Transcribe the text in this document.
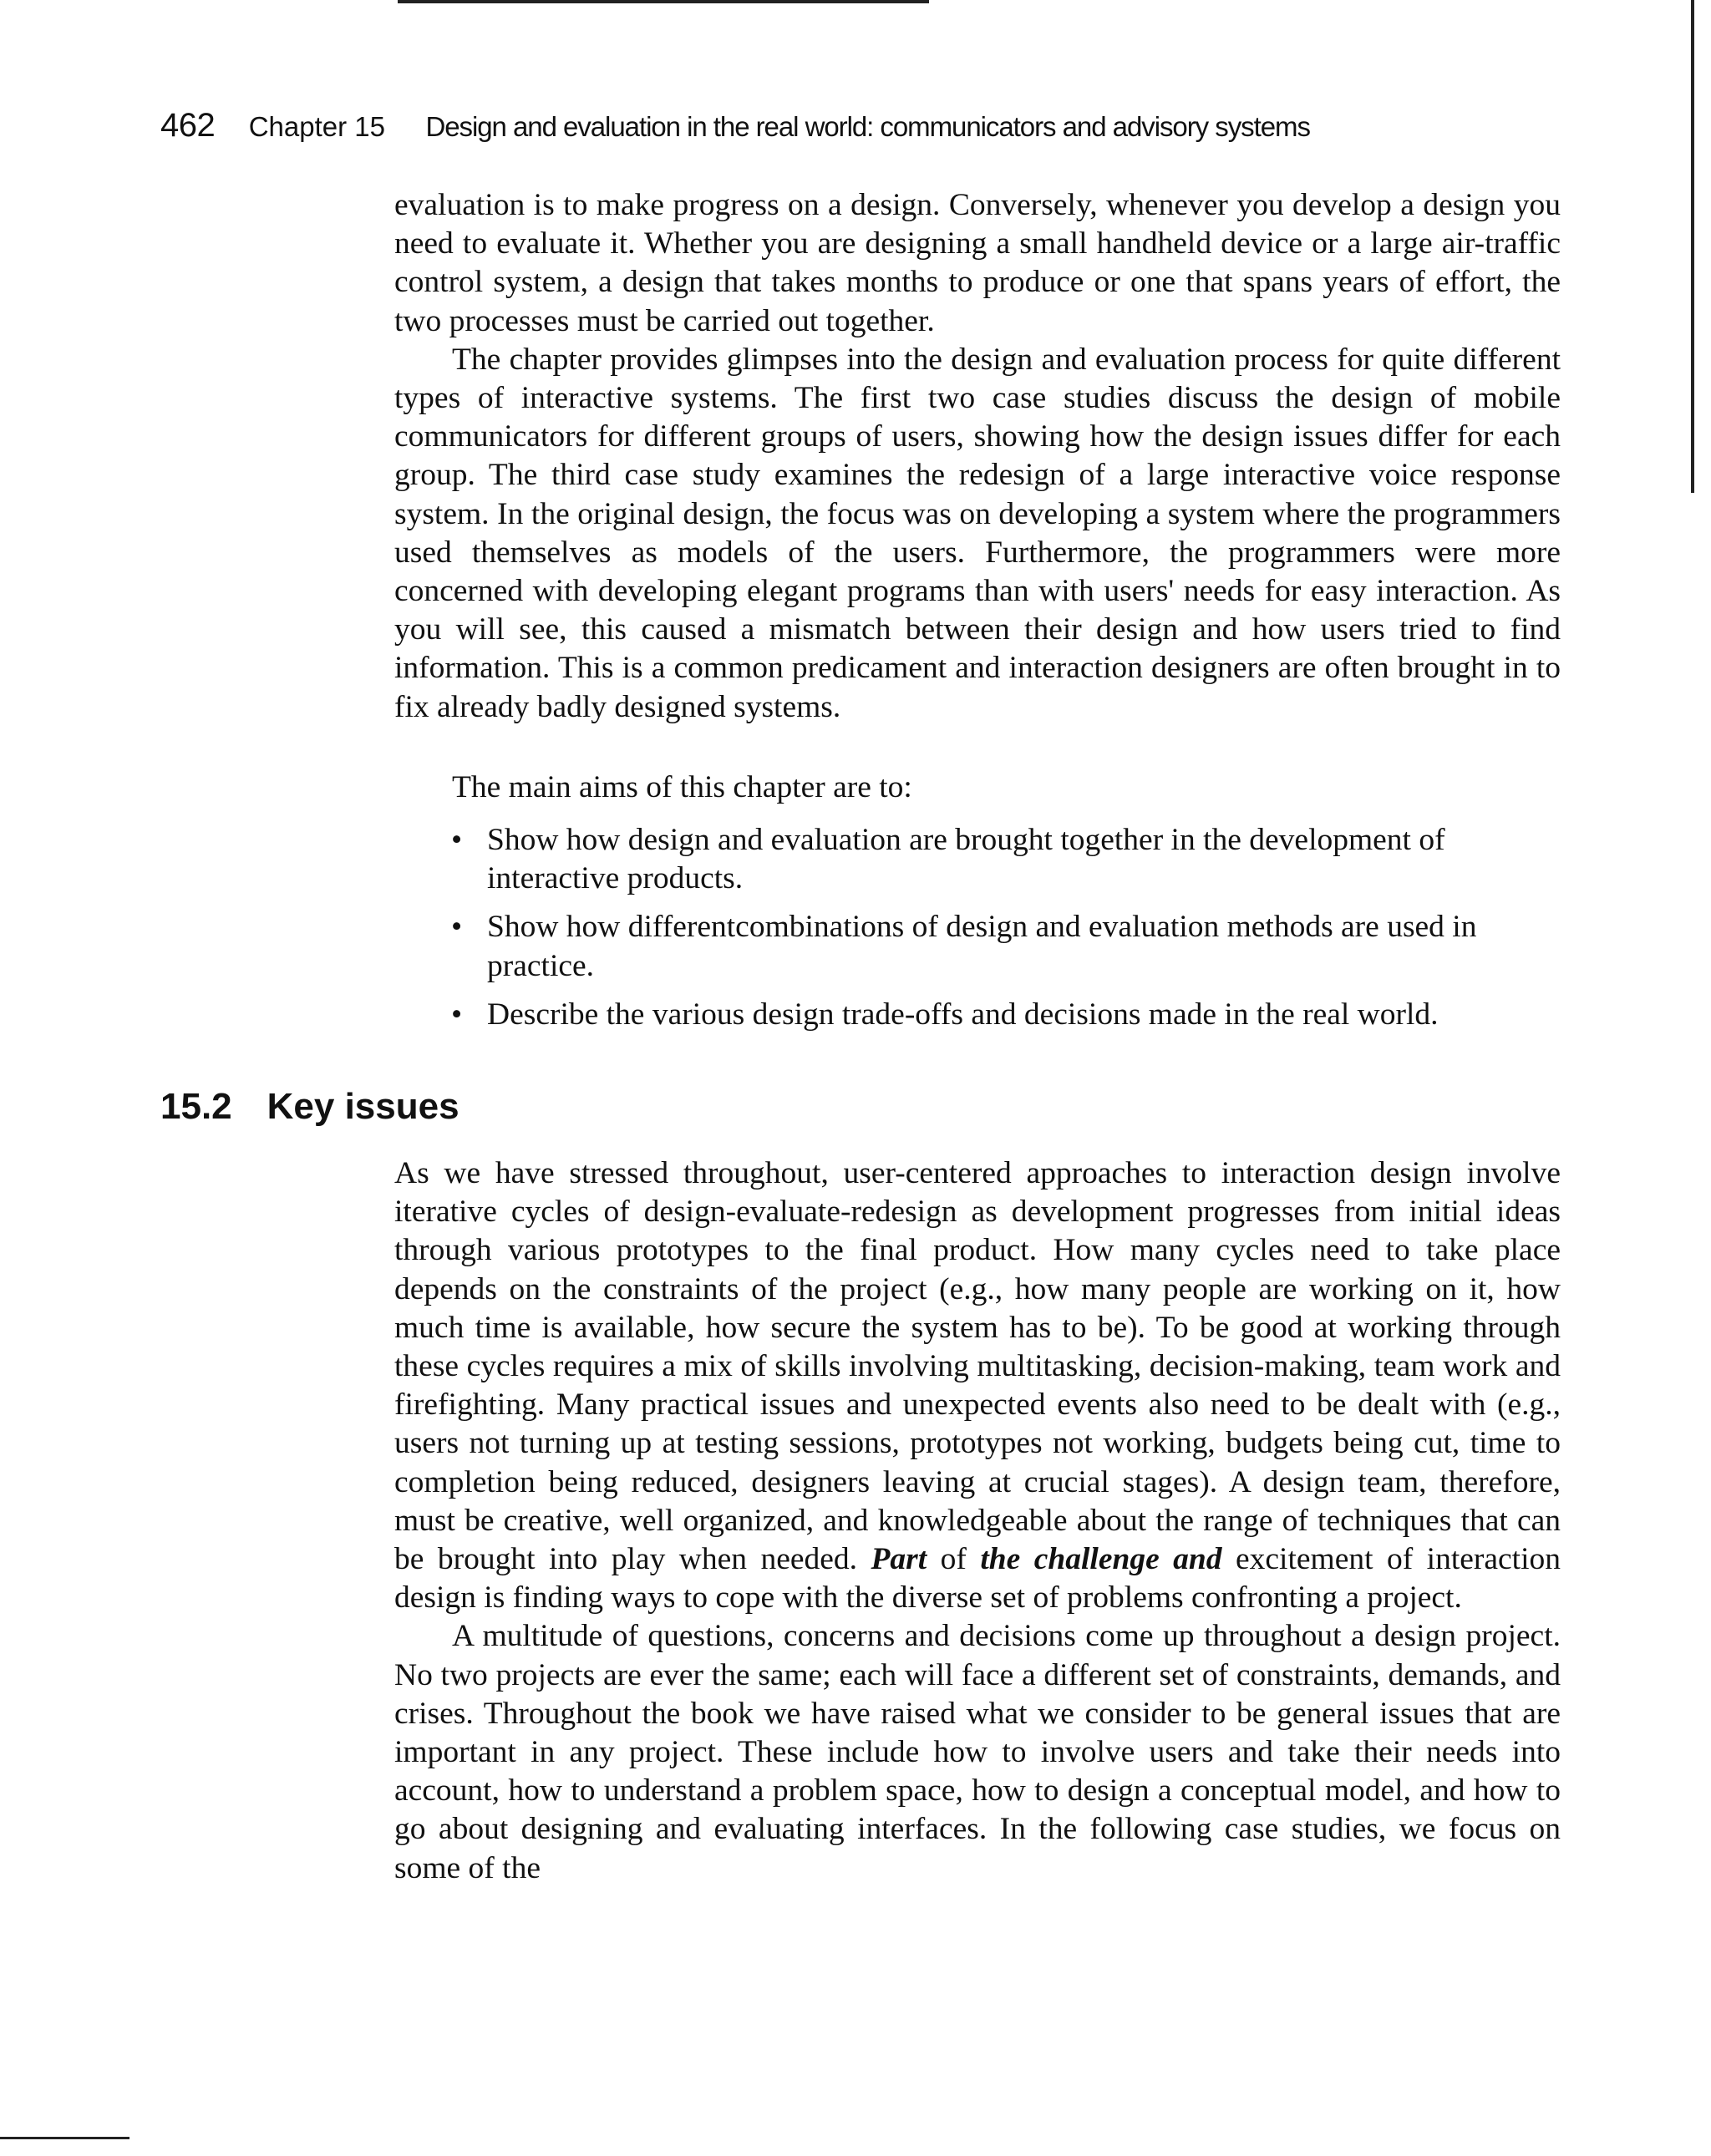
462 Chapter 15 Design and evaluation in the real world: communicators and advisory systems

evaluation is to make progress on a design. Conversely, whenever you develop a design you need to evaluate it. Whether you are designing a small handheld device or a large air-traffic control system, a design that takes months to produce or one that spans years of effort, the two processes must be carried out together.

The chapter provides glimpses into the design and evaluation process for quite different types of interactive systems. The first two case studies discuss the design of mobile communicators for different groups of users, showing how the design issues differ for each group. The third case study examines the redesign of a large interactive voice response system. In the original design, the focus was on developing a system where the programmers used themselves as models of the users. Furthermore, the programmers were more concerned with developing elegant programs than with users' needs for easy interaction. As you will see, this caused a mismatch between their design and how users tried to find information. This is a common predicament and interaction designers are often brought in to fix already badly designed systems.

The main aims of this chapter are to:
• Show how design and evaluation are brought together in the development of interactive products.
• Show how differentcombinations of design and evaluation methods are used in practice.
• Describe the various design trade-offs and decisions made in the real world.
15.2 Key issues

As we have stressed throughout, user-centered approaches to interaction design involve iterative cycles of design-evaluate-redesign as development progresses from initial ideas through various prototypes to the final product. How many cycles need to take place depends on the constraints of the project (e.g., how many people are working on it, how much time is available, how secure the system has to be). To be good at working through these cycles requires a mix of skills involving multitasking, decision-making, team work and firefighting. Many practical issues and unexpected events also need to be dealt with (e.g., users not turning up at testing sessions, prototypes not working, budgets being cut, time to completion being reduced, designers leaving at crucial stages). A design team, therefore, must be creative, well organized, and knowledgeable about the range of techniques that can be brought into play when needed. Part of the challenge and excitement of interaction design is finding ways to cope with the diverse set of problems confronting a project.

A multitude of questions, concerns and decisions come up throughout a design project. No two projects are ever the same; each will face a different set of constraints, demands, and crises. Throughout the book we have raised what we consider to be general issues that are important in any project. These include how to involve users and take their needs into account, how to understand a problem space, how to design a conceptual model, and how to go about designing and evaluating interfaces. In the following case studies, we focus on some of the
